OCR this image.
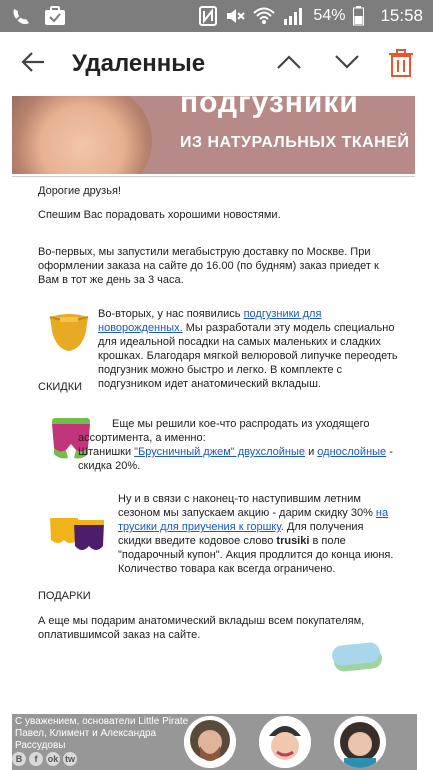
54% 15:58
Удаленные
подгузники
ИЗ НАТУРАЛЬНЫХ ТКАНЕЙ
Дорогие друзья!
Спешим Вас порадовать хорошими новостями.
Во-первых, мы запустили мегабыструю доставку по Москве. При оформлении заказа на сайте до 16.00 (по будням) заказ приедет к Вам в тот же день за 3 часа.
Во-вторых, у нас появились подгузники для новорожденных. Мы разработали эту модель специально для идеальной посадки на самых маленьких и сладких крошках. Благодаря мягкой велюровой липучке переодеть подгузник можно быстро и легко. В комплекте с подгузником идет анатомический вкладыш.
СКИДКИ
Еще мы решили кое-что распродать из уходящего ассортимента, а именно:
Штанишки "Брусничный джем" двухслойные и однослойные - скидка 20%.
Ну и в связи с наконец-то наступившим летним сезоном мы запускаем акцию - дарим скидку 30% на трусики для приучения к горшку. Для получения скидки введите кодовое слово trusiki в поле "подарочный купон". Акция продлится до конца июня. Количество товара как всегда ограничено.
ПОДАРКИ
А еще мы подарим анатомический вкладыш всем покупателям, оплатившимсой заказ на сайте.
С уважением, основатели Little Pirate Павел, Климент и Александра Рассудовы
В	f	ok tw
